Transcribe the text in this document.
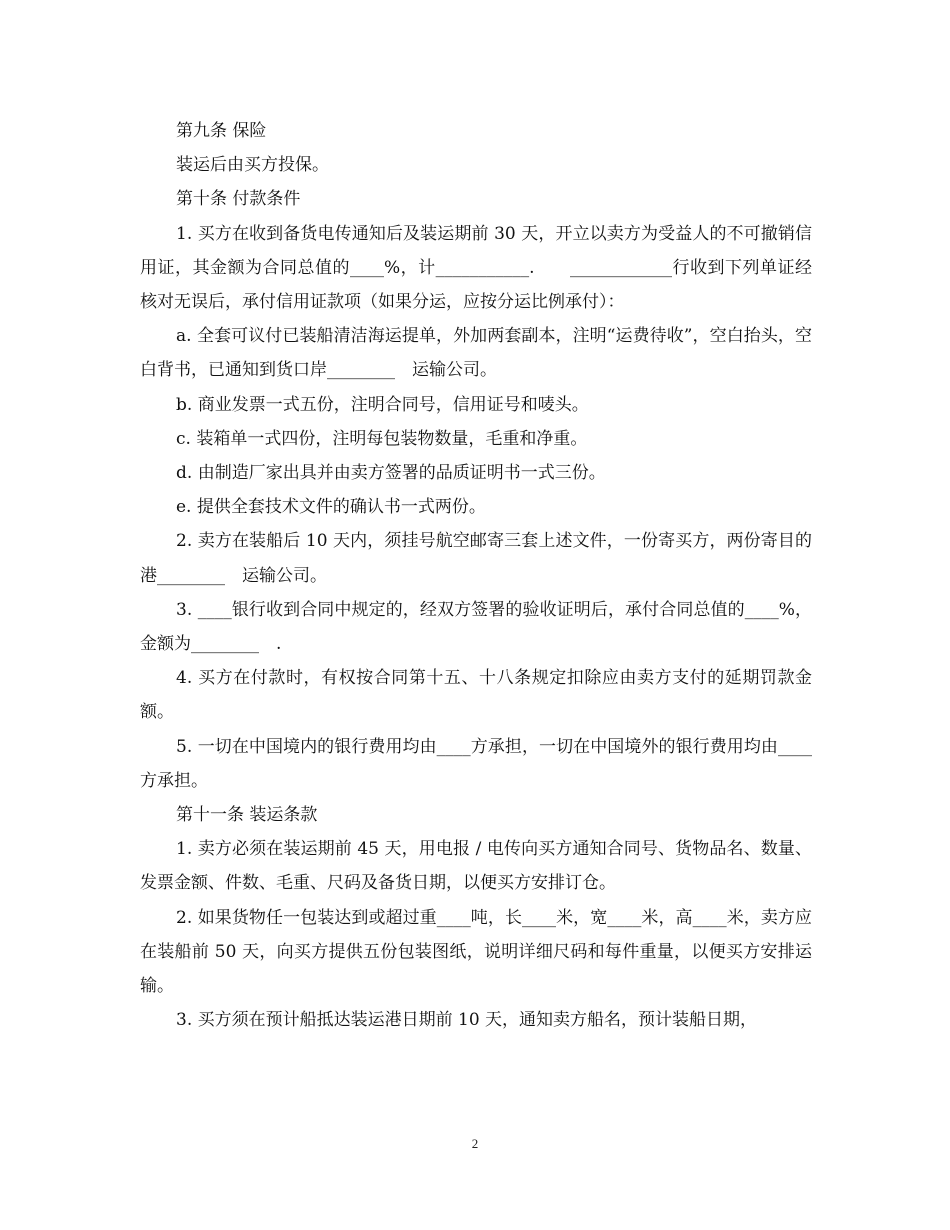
第九条 保险

装运后由买方投保。

第十条 付款条件

1. 买方在收到备货电传通知后及装运期前 30 天，开立以卖方为受益人的不可撤销信用证，其金额为合同总值的____%，计___________.　　____________行收到下列单证经核对无误后，承付信用证款项（如果分运，应按分运比例承付）：

a. 全套可议付已装船清洁海运提单，外加两套副本，注明“运费待收”，空白抬头，空白背书，已通知到货口岸________　运输公司。

b. 商业发票一式五份，注明合同号，信用证号和唛头。

c. 装箱单一式四份，注明每包装物数量，毛重和净重。

d. 由制造厂家出具并由卖方签署的品质证明书一式三份。

e. 提供全套技术文件的确认书一式两份。

2. 卖方在装船后 10 天内，须挂号航空邮寄三套上述文件，一份寄买方，两份寄目的港________　运输公司。

3. ____银行收到合同中规定的，经双方签署的验收证明后，承付合同总值的____%，金额为________　.

4. 买方在付款时，有权按合同第十五、十八条规定扣除应由卖方支付的延期罚款金额。

5. 一切在中国境内的银行费用均由____方承担，一切在中国境外的银行费用均由____方承担。

第十一条 装运条款

1. 卖方必须在装运期前 45 天，用电报 / 电传向买方通知合同号、货物品名、数量、发票金额、件数、毛重、尺码及备货日期，以便买方安排订仓。

2. 如果货物任一包装达到或超过重____吨，长____米，宽____米，高____米，卖方应在装船前 50 天，向买方提供五份包装图纸，说明详细尺码和每件重量，以便买方安排运输。

3. 买方须在预计船抵达装运港日期前 10 天，通知卖方船名，预计装船日期，

2
